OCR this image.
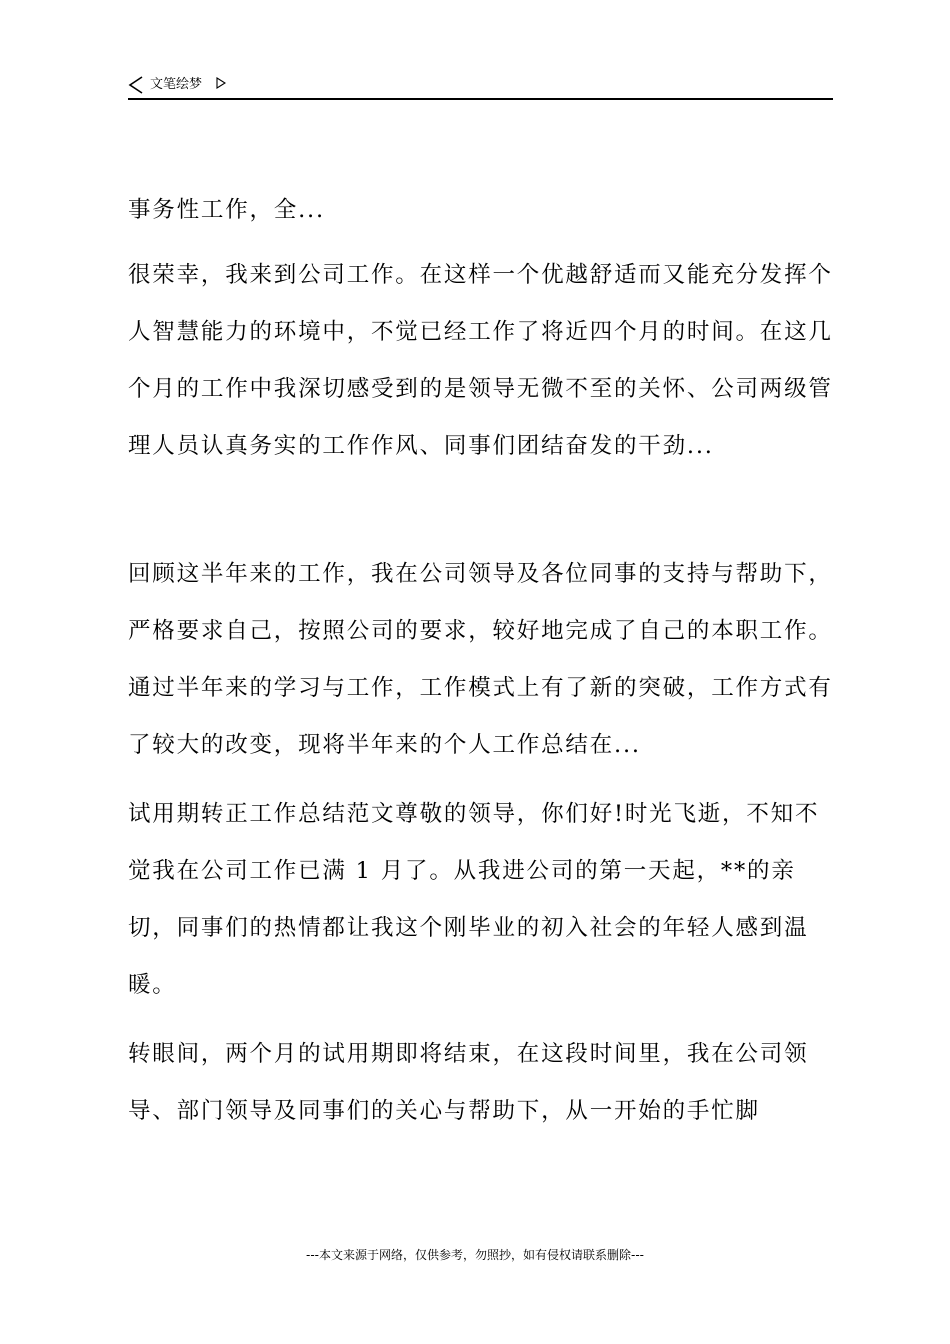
文笔绘梦

事务性工作，全...

很荣幸，我来到公司工作。在这样一个优越舒适而又能充分发挥个人智慧能力的环境中，不觉已经工作了将近四个月的时间。在这几个月的工作中我深切感受到的是领导无微不至的关怀、公司两级管理人员认真务实的工作作风、同事们团结奋发的干劲...

回顾这半年来的工作，我在公司领导及各位同事的支持与帮助下，严格要求自己，按照公司的要求，较好地完成了自己的本职工作。通过半年来的学习与工作，工作模式上有了新的突破，工作方式有了较大的改变，现将半年来的个人工作总结在...

试用期转正工作总结范文尊敬的领导，你们好!时光飞逝，不知不觉我在公司工作已满 1 月了。从我进公司的第一天起，**的亲切，同事们的热情都让我这个刚毕业的初入社会的年轻人感到温暖。

转眼间，两个月的试用期即将结束，在这段时间里，我在公司领导、部门领导及同事们的关心与帮助下，从一开始的手忙脚

---本文来源于网络，仅供参考，勿照抄，如有侵权请联系删除---
